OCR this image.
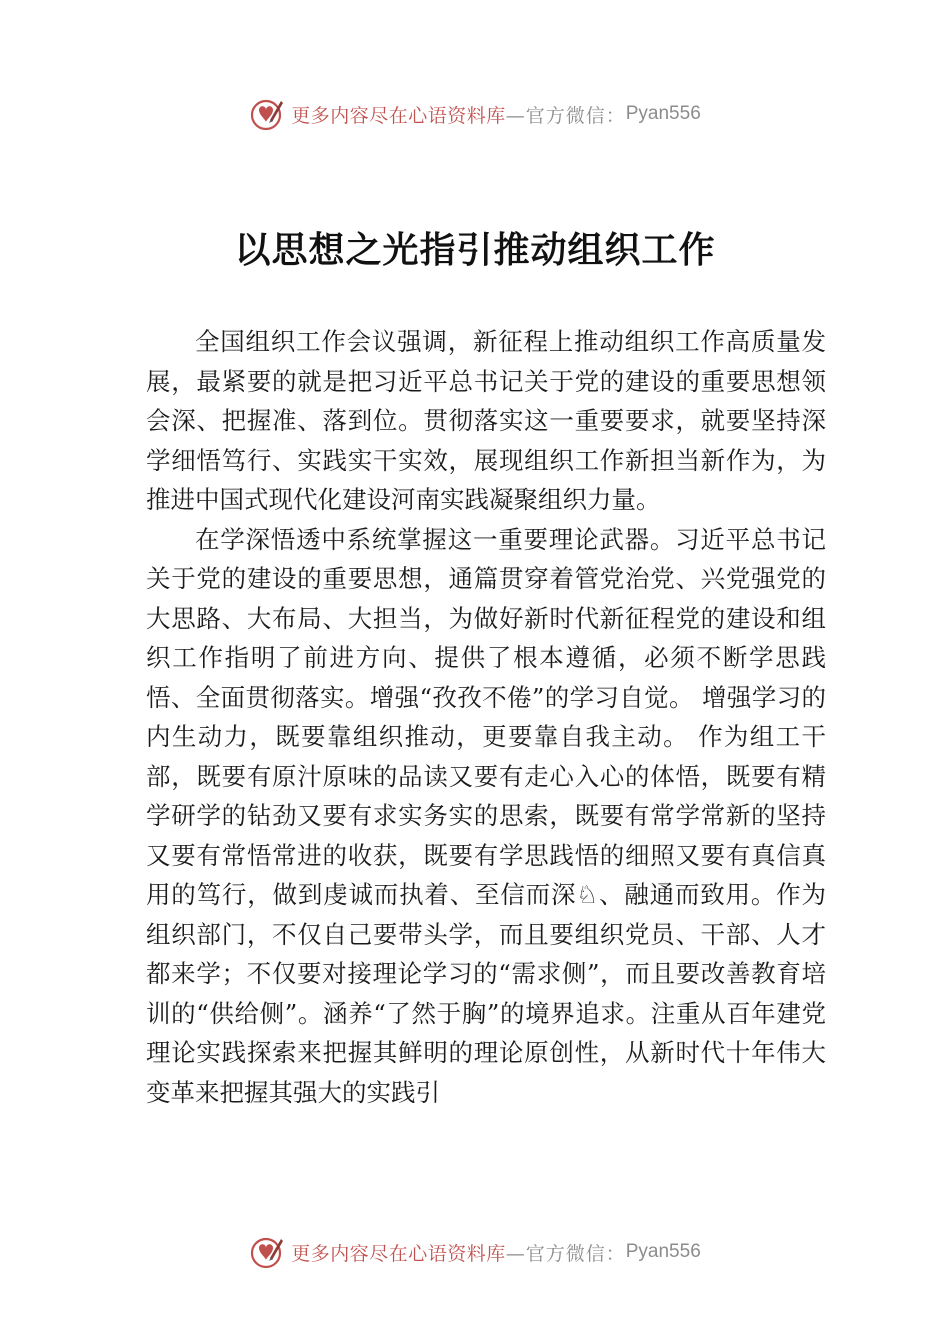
更多内容尽在心语资料库 —官方微信： Pyan556
以思想之光指引推动组织工作

全国组织工作会议强调，新征程上推动组织工作高质量发展，最紧要的就是把习近平总书记关于党的建设的重要思想领会深、把握准、落到位。贯彻落实这一重要要求，就要坚持深学细悟笃行、实践实干实效，展现组织工作新担当新作为，为推进中国式现代化建设河南实践凝聚组织力量。

在学深悟透中系统掌握这一重要理论武器。习近平总书记关于党的建设的重要思想，通篇贯穿着管党治党、兴党强党的大思路、大布局、大担当，为做好新时代新征程党的建设和组织工作指明了前进方向、提供了根本遵循，必须不断学思践悟、全面贯彻落实。增强“孜孜不倦”的学习自觉。 增强学习的内生动力，既要靠组织推动，更要靠自我主动。 作为组工干部，既要有原汁原味的品读又要有走心入心的体悟，既要有精学研学的钻劲又要有求实务实的思索，既要有常学常新的坚持又要有常悟常进的收获，既要有学思践悟的细照又要有真信真用的笃行，做到虔诚而执着、至信而深♘、融通而致用。作为组织部门，不仅自己要带头学，而且要组织党员、干部、人才都来学；不仅要对接理论学习的“需求侧”，而且要改善教育培训的“供给侧”。涵养“了然于胸”的境界追求。注重从百年建党理论实践探索来把握其鲜明的理论原创性，从新时代十年伟大变革来把握其强大的实践引

更多内容尽在心语资料库 —官方微信： Pyan556
